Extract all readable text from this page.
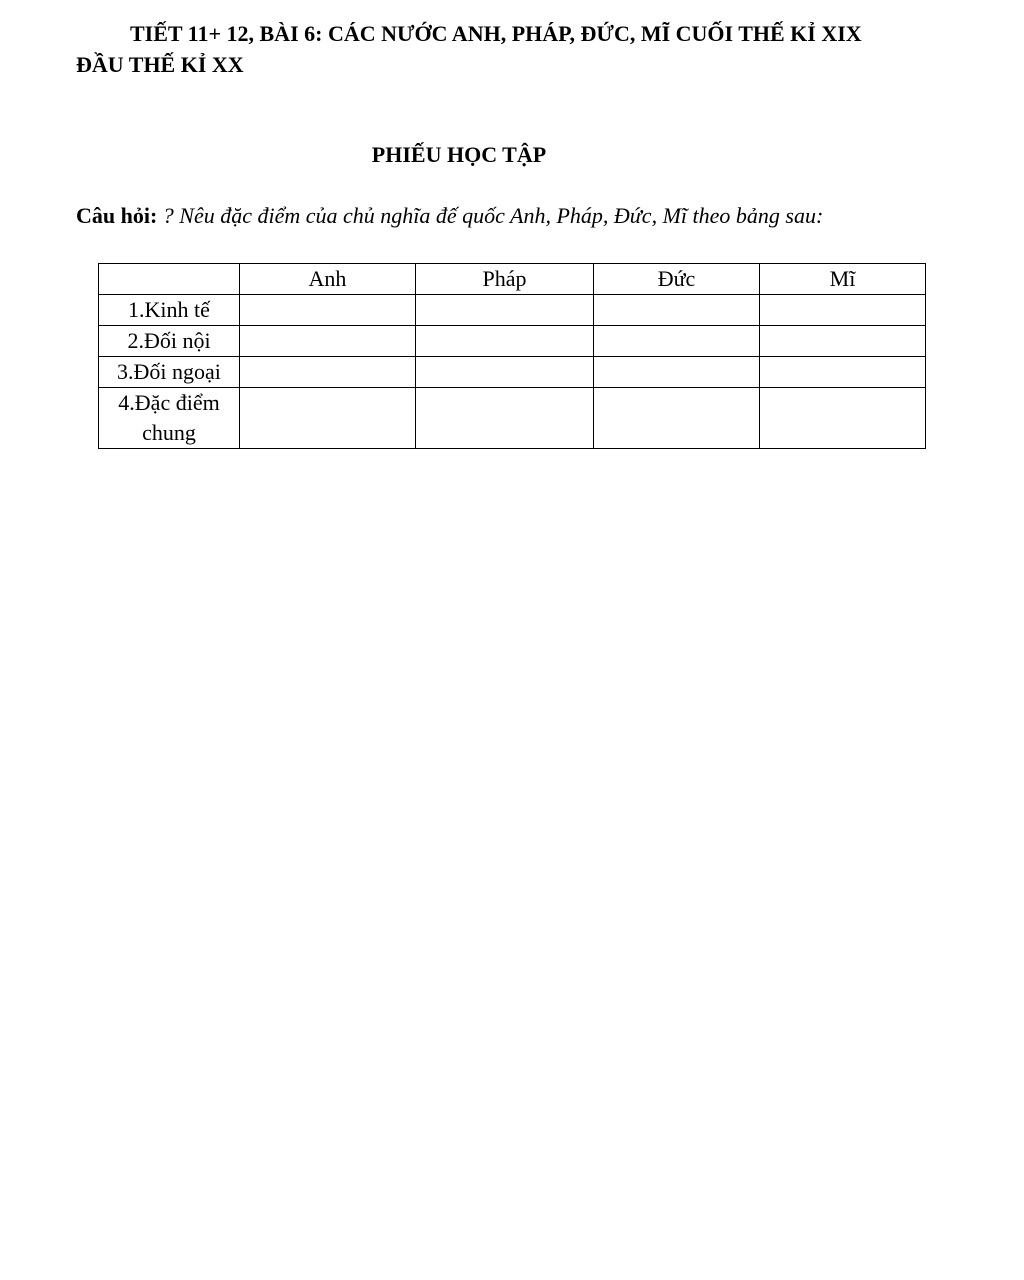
TIẾT 11+ 12, BÀI 6: CÁC NƯỚC ANH, PHÁP, ĐỨC, MĨ CUỐI THẾ KỈ XIX
ĐẦU THẾ KỈ XX

PHIẾU HỌC TẬP

Câu hỏi: ? Nêu đặc điểm của chủ nghĩa đế quốc Anh, Pháp, Đức, Mĩ theo bảng sau:

	Anh	Pháp	Đức	Mĩ
1.Kinh tế				
2.Đối nội				
3.Đối ngoại				
4.Đặc điểm chung				
